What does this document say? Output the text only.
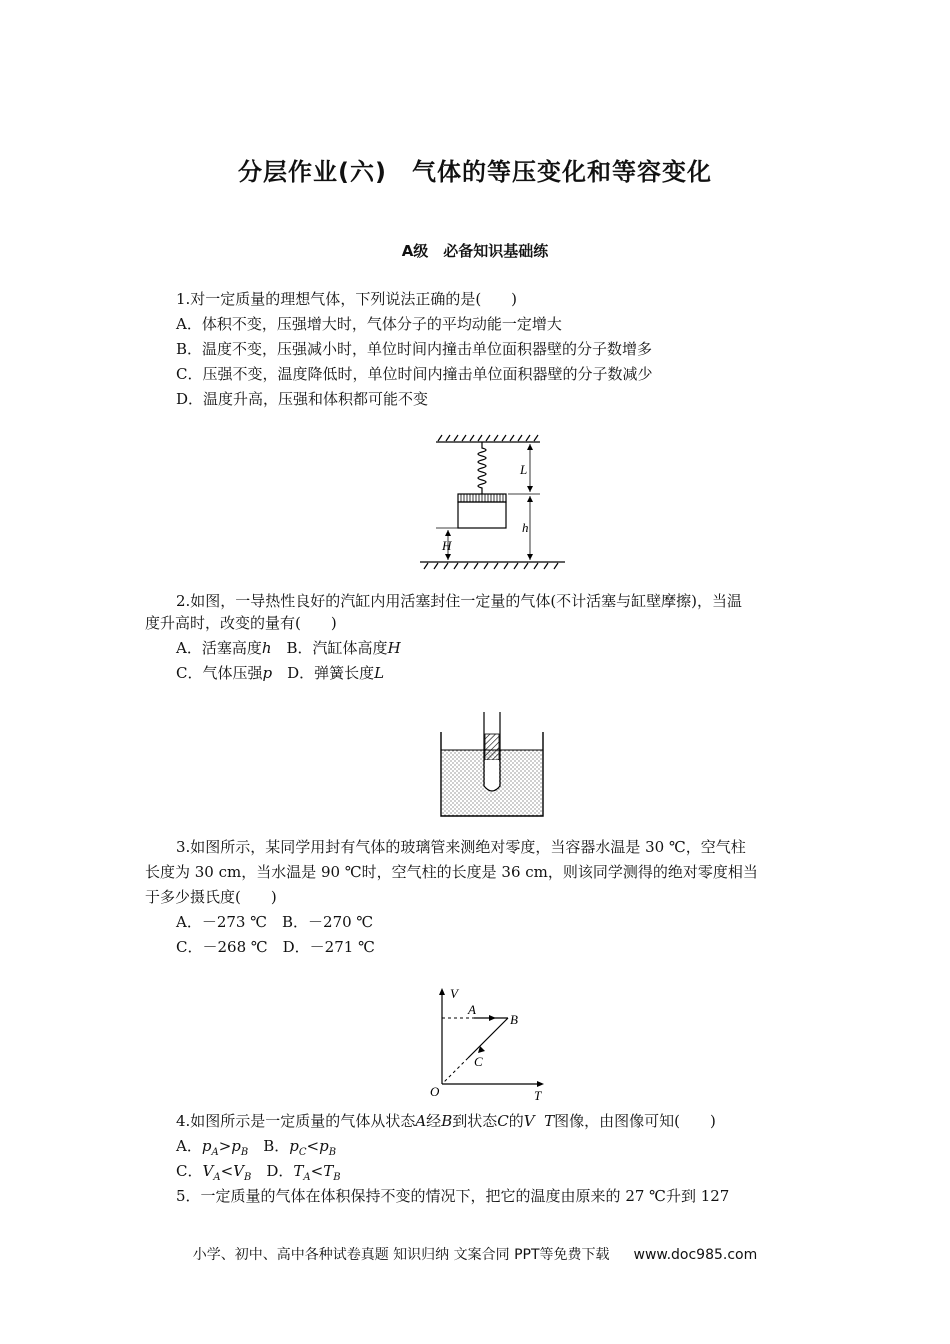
分层作业(六)　气体的等压变化和等容变化
A级　必备知识基础练
1.对一定质量的理想气体，下列说法正确的是(　　)
A．体积不变，压强增大时，气体分子的平均动能一定增大
B．温度不变，压强减小时，单位时间内撞击单位面积器壁的分子数增多
C．压强不变，温度降低时，单位时间内撞击单位面积器壁的分子数减少
D．温度升高，压强和体积都可能不变
L
h
H
2.如图，一导热性良好的汽缸内用活塞封住一定量的气体(不计活塞与缸壁摩擦)，当温
度升高时，改变的量有(　　)
A．活塞高度h　 B．汽缸体高度H
C．气体压强p　 D．弹簧长度L
3.如图所示，某同学用封有气体的玻璃管来测绝对零度，当容器水温是 30 ℃，空气柱
长度为 30 cm，当水温是 90 ℃时，空气柱的长度是 36 cm，则该同学测得的绝对零度相当
于多少摄氏度(　　)
A．－273 ℃　B．－270 ℃
C．－268 ℃　D．－271 ℃
V
T
O
A
B
C
4.如图所示是一定质量的气体从状态A经B到状态C的V  T图像，由图像可知(　　)
A．$p_A>p_B$　 B．$p_C<p_B$
C．$V_A<V_B$　 D．$T_A<T_B$
5．一定质量的气体在体积保持不变的情况下，把它的温度由原来的 27 ℃升到 127
小学、初中、高中各种试卷真题 知识归纳 文案合同 PPT等免费下载 www.doc985.com
